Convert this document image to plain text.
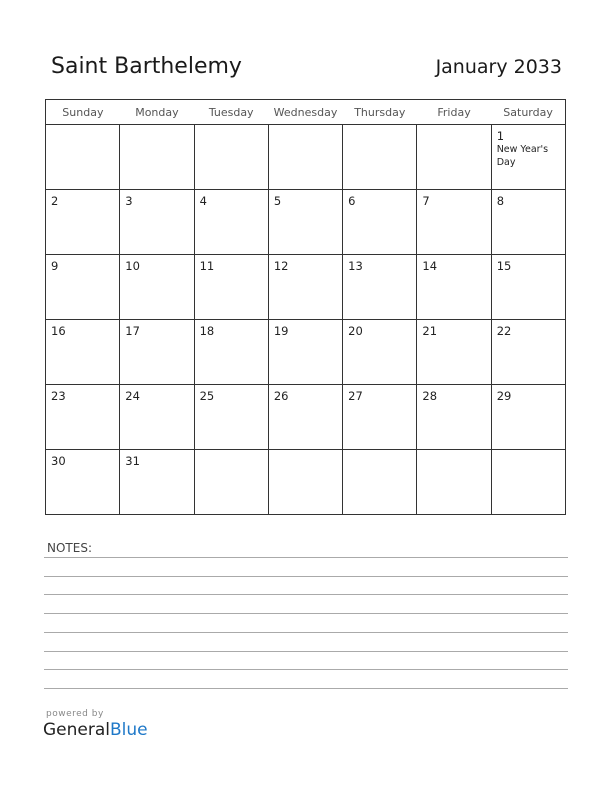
Saint Barthelemy	January 2033
Sunday	Monday	Tuesday	Wednesday	Thursday	Friday	Saturday

						1
New Year's Day

2	3	4	5	6	7	8

9	10	11	12	13	14	15

16	17	18	19	20	21	22

23	24	25	26	27	28	29

30	31					

NOTES:
powered by
GeneralBlue
